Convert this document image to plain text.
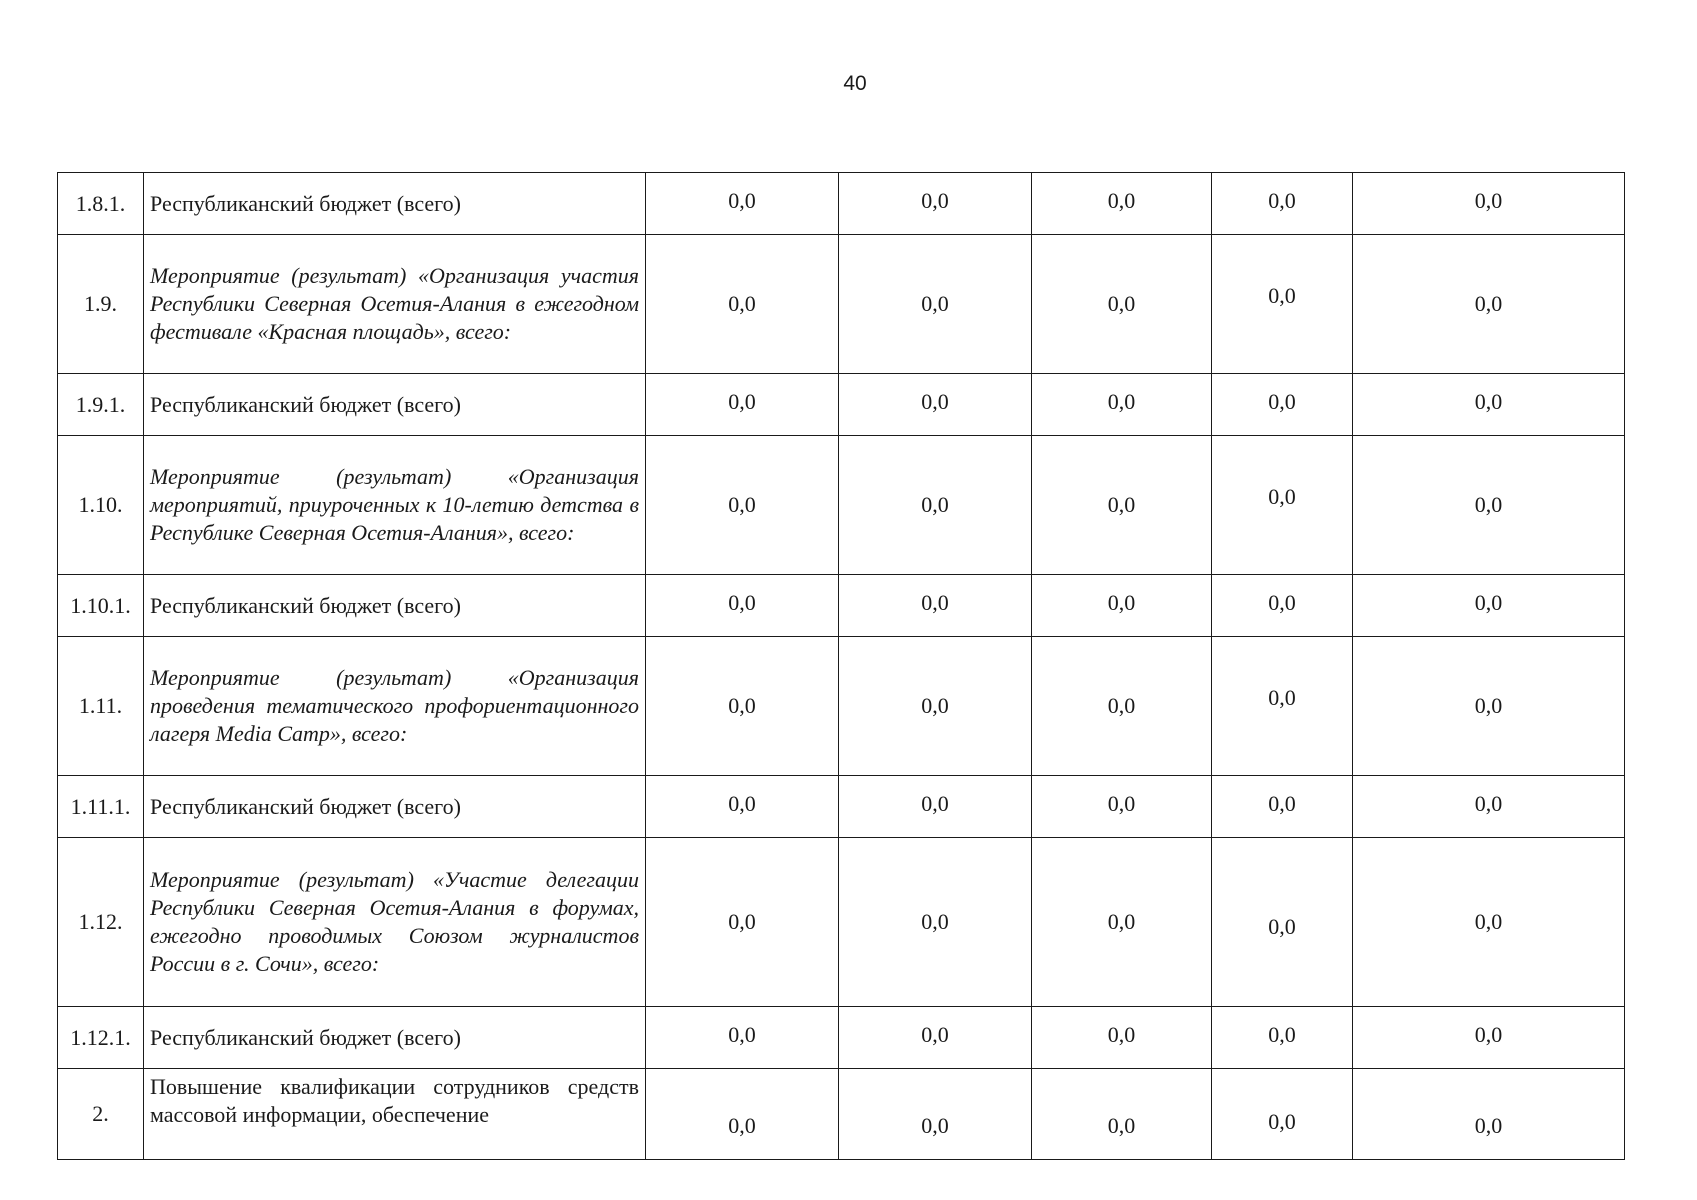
40
1.8.1.	Республиканский бюджет (всего)	0,0	0,0	0,0	0,0	0,0
1.9.	Мероприятие (результат) «Организация участия Республики Северная Осетия-Алания в ежегодном фестивале «Красная площадь», всего:	0,0	0,0	0,0	0,0	0,0
1.9.1.	Республиканский бюджет (всего)	0,0	0,0	0,0	0,0	0,0
1.10.	Мероприятие (результат) «Организация мероприятий, приуроченных к 10-летию детства в Республике Северная Осетия-Алания», всего:	0,0	0,0	0,0	0,0	0,0
1.10.1.	Республиканский бюджет (всего)	0,0	0,0	0,0	0,0	0,0
1.11.	Мероприятие (результат) «Организация проведения тематического профориентационного лагеря Media Camp», всего:	0,0	0,0	0,0	0,0	0,0
1.11.1.	Республиканский бюджет (всего)	0,0	0,0	0,0	0,0	0,0
1.12.	Мероприятие (результат) «Участие делегации Республики Северная Осетия-Алания в форумах, ежегодно проводимых Союзом журналистов России в г. Сочи», всего:	0,0	0,0	0,0	0,0	0,0
1.12.1.	Республиканский бюджет (всего)	0,0	0,0	0,0	0,0	0,0
2.	Повышение квалификации сотрудников средств массовой информации, обеспечение	0,0	0,0	0,0	0,0	0,0
